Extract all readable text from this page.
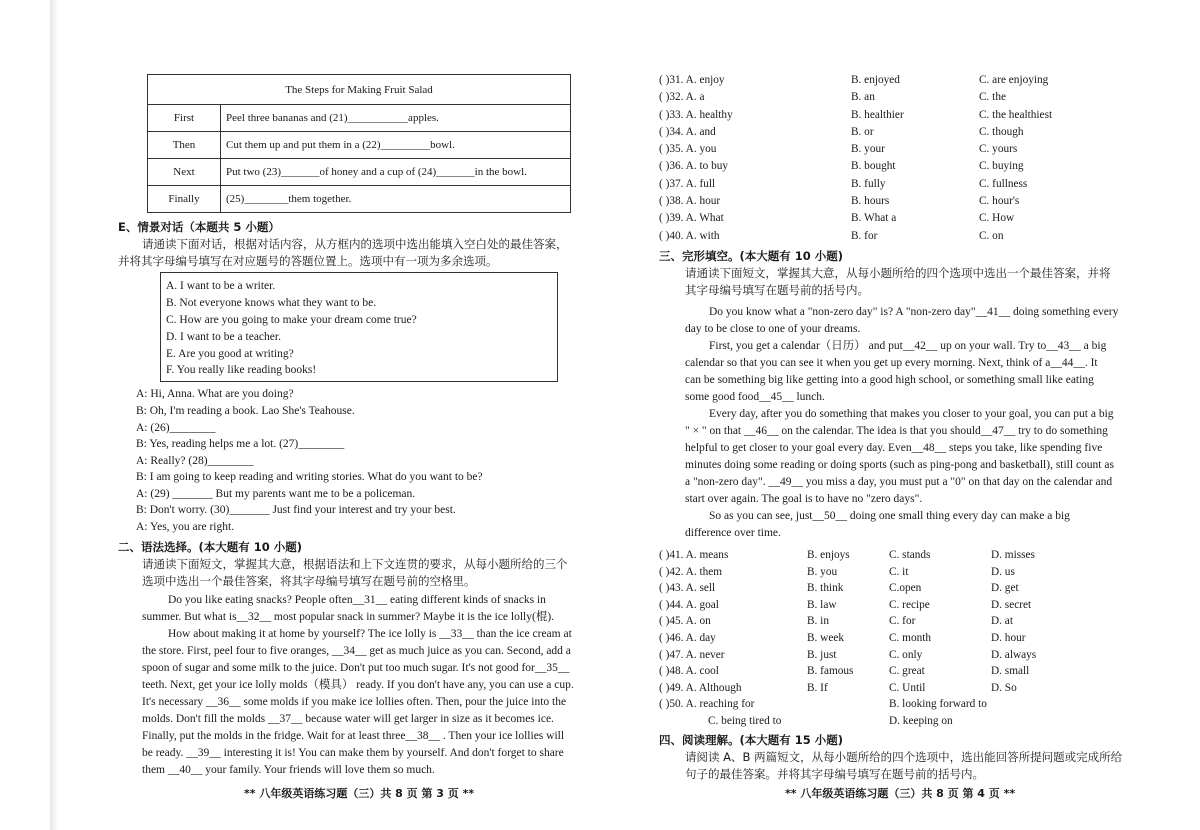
The Steps for Making Fruit Salad	
First	Peel three bananas and (21)___________apples.
Then	Cut them up and put them in a (22)_________bowl.
Next	Put two (23)_______of honey and a cup of (24)_______in the bowl.
Finally	(25)________them together.
E、情景对话（本题共 5 小题）
请通读下面对话，根据对话内容，从方框内的选项中选出能填入空白处的最佳答案，
并将其字母编号填写在对应题号的答题位置上。选项中有一项为多余选项。
A. I want to be a writer.
B. Not everyone knows what they want to be.
C. How are you going to make your dream come true?
D. I want to be a teacher.
E. Are you good at writing?
F. You really like reading books!
A: Hi, Anna. What are you doing?
B: Oh, I'm reading a book. Lao She's Teahouse.
A: (26)________
B: Yes, reading helps me a lot. (27)________
A: Really? (28)________
B: I am going to keep reading and writing stories. What do you want to be?
A: (29) _______ But my parents want me to be a policeman.
B: Don't worry. (30)_______ Just find your interest and try your best.
A: Yes, you are right.
二、语法选择。(本大题有 10 小题)
请通读下面短文，掌握其大意，根据语法和上下文连贯的要求，从每小题所给的三个
选项中选出一个最佳答案，将其字母编号填写在题号前的空格里。

Do you like eating snacks? People often__31__ eating different kinds of snacks in

summer. But what is__32__ most popular snack in summer? Maybe it is the ice lolly(棍).

How about making it at home by yourself? The ice lolly is __33__ than the ice cream at

the store. First, peel four to five oranges, __34__ get as much juice as you can. Second, add a

spoon of sugar and some milk to the juice. Don't put too much sugar. It's not good for__35__

teeth. Next, get your ice lolly molds（模具） ready. If you don't have any, you can use a cup.

It's necessary __36__ some molds if you make ice lollies often. Then, pour the juice into the

molds. Don't fill the molds __37__ because water will get larger in size as it becomes ice.

Finally, put the molds in the fridge. Wait for at least three__38__ . Then your ice lollies will

be ready. __39__ interesting it is! You can make them by yourself. And don't forget to share

them __40__ your family. Your friends will love them so much.

** 八年级英语练习题（三）共 8 页 第 3 页 **
( )31. A. enjoy	B. enjoyed	C. are enjoying
( )32. A. a	B. an	C. the
( )33. A. healthy	B. healthier	C. the healthiest
( )34. A. and	B. or	C. though
( )35. A. you	B. your	C. yours
( )36. A. to buy	B. bought	C. buying
( )37. A. full	B. fully	C. fullness
( )38. A. hour	B. hours	C. hour's
( )39. A. What	B. What a	C. How
( )40. A. with	B. for	C. on
三、完形填空。(本大题有 10 小题)
请通读下面短文，掌握其大意，从每小题所给的四个选项中选出一个最佳答案，并将
其字母编号填写在题号前的括号内。

Do you know what a "non-zero day" is? A "non-zero day"__41__ doing something every

day to be close to one of your dreams.

First, you get a calendar（日历） and put__42__ up on your wall. Try to__43__ a big

calendar so that you can see it when you get up every morning. Next, think of a__44__. It

can be something big like getting into a good high school, or something small like eating

some good food__45__ lunch.

Every day, after you do something that makes you closer to your goal, you can put a big

" × " on that __46__ on the calendar. The idea is that you should__47__ try to do something

helpful to get closer to your goal every day. Even__48__ steps you take, like spending five

minutes doing some reading or doing sports (such as ping-pong and basketball), still count as

a "non-zero day". __49__ you miss a day, you must put a "0" on that day on the calendar and

start over again. The goal is to have no "zero days".

So as you can see, just__50__ doing one small thing every day can make a big

difference over time.

( )41. A. means	B. enjoys	C. stands	D. misses
( )42. A. them	B. you	C. it	D. us
( )43. A. sell	B. think	C.open	D. get
( )44. A. goal	B. law	C. recipe	D. secret
( )45. A. on	B. in	C. for	D. at
( )46. A. day	B. week	C. month	D. hour
( )47. A. never	B. just	C. only	D. always
( )48. A. cool	B. famous	C. great	D. small
( )49. A. Although	B. If	C. Until	D. So
( )50. A. reaching for	B. looking forward to
C. being tired to	D. keeping on
四、阅读理解。(本大题有 15 小题)
请阅读 A、B 两篇短文，从每小题所给的四个选项中，选出能回答所提问题或完成所给
句子的最佳答案。并将其字母编号填写在题号前的括号内。
** 八年级英语练习题（三）共 8 页 第 4 页 **
